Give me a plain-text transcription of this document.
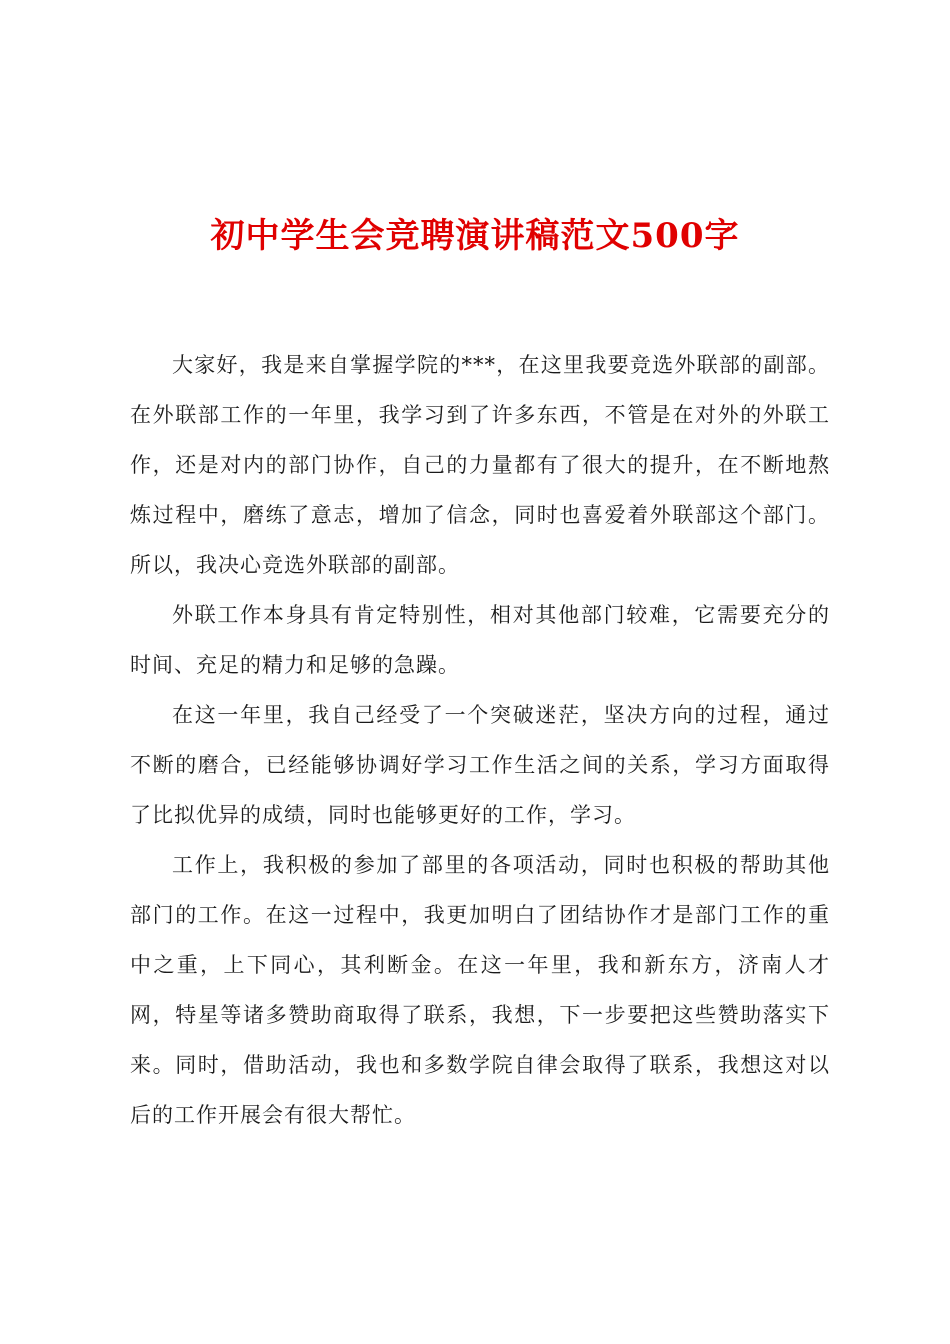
初中学生会竞聘演讲稿范文500字

大家好，我是来自掌握学院的***，在这里我要竞选外联部的副部。在外联部工作的一年里，我学习到了许多东西，不管是在对外的外联工作，还是对内的部门协作，自己的力量都有了很大的提升，在不断地熬炼过程中，磨练了意志，增加了信念，同时也喜爱着外联部这个部门。所以，我决心竞选外联部的副部。

外联工作本身具有肯定特别性，相对其他部门较难，它需要充分的时间、充足的精力和足够的急躁。

在这一年里，我自己经受了一个突破迷茫，坚决方向的过程，通过不断的磨合，已经能够协调好学习工作生活之间的关系，学习方面取得了比拟优异的成绩，同时也能够更好的工作，学习。

工作上，我积极的参加了部里的各项活动，同时也积极的帮助其他部门的工作。在这一过程中，我更加明白了团结协作才是部门工作的重中之重，上下同心，其利断金。在这一年里，我和新东方，济南人才网，特星等诸多赞助商取得了联系，我想，下一步要把这些赞助落实下来。同时，借助活动，我也和多数学院自律会取得了联系，我想这对以后的工作开展会有很大帮忙。
